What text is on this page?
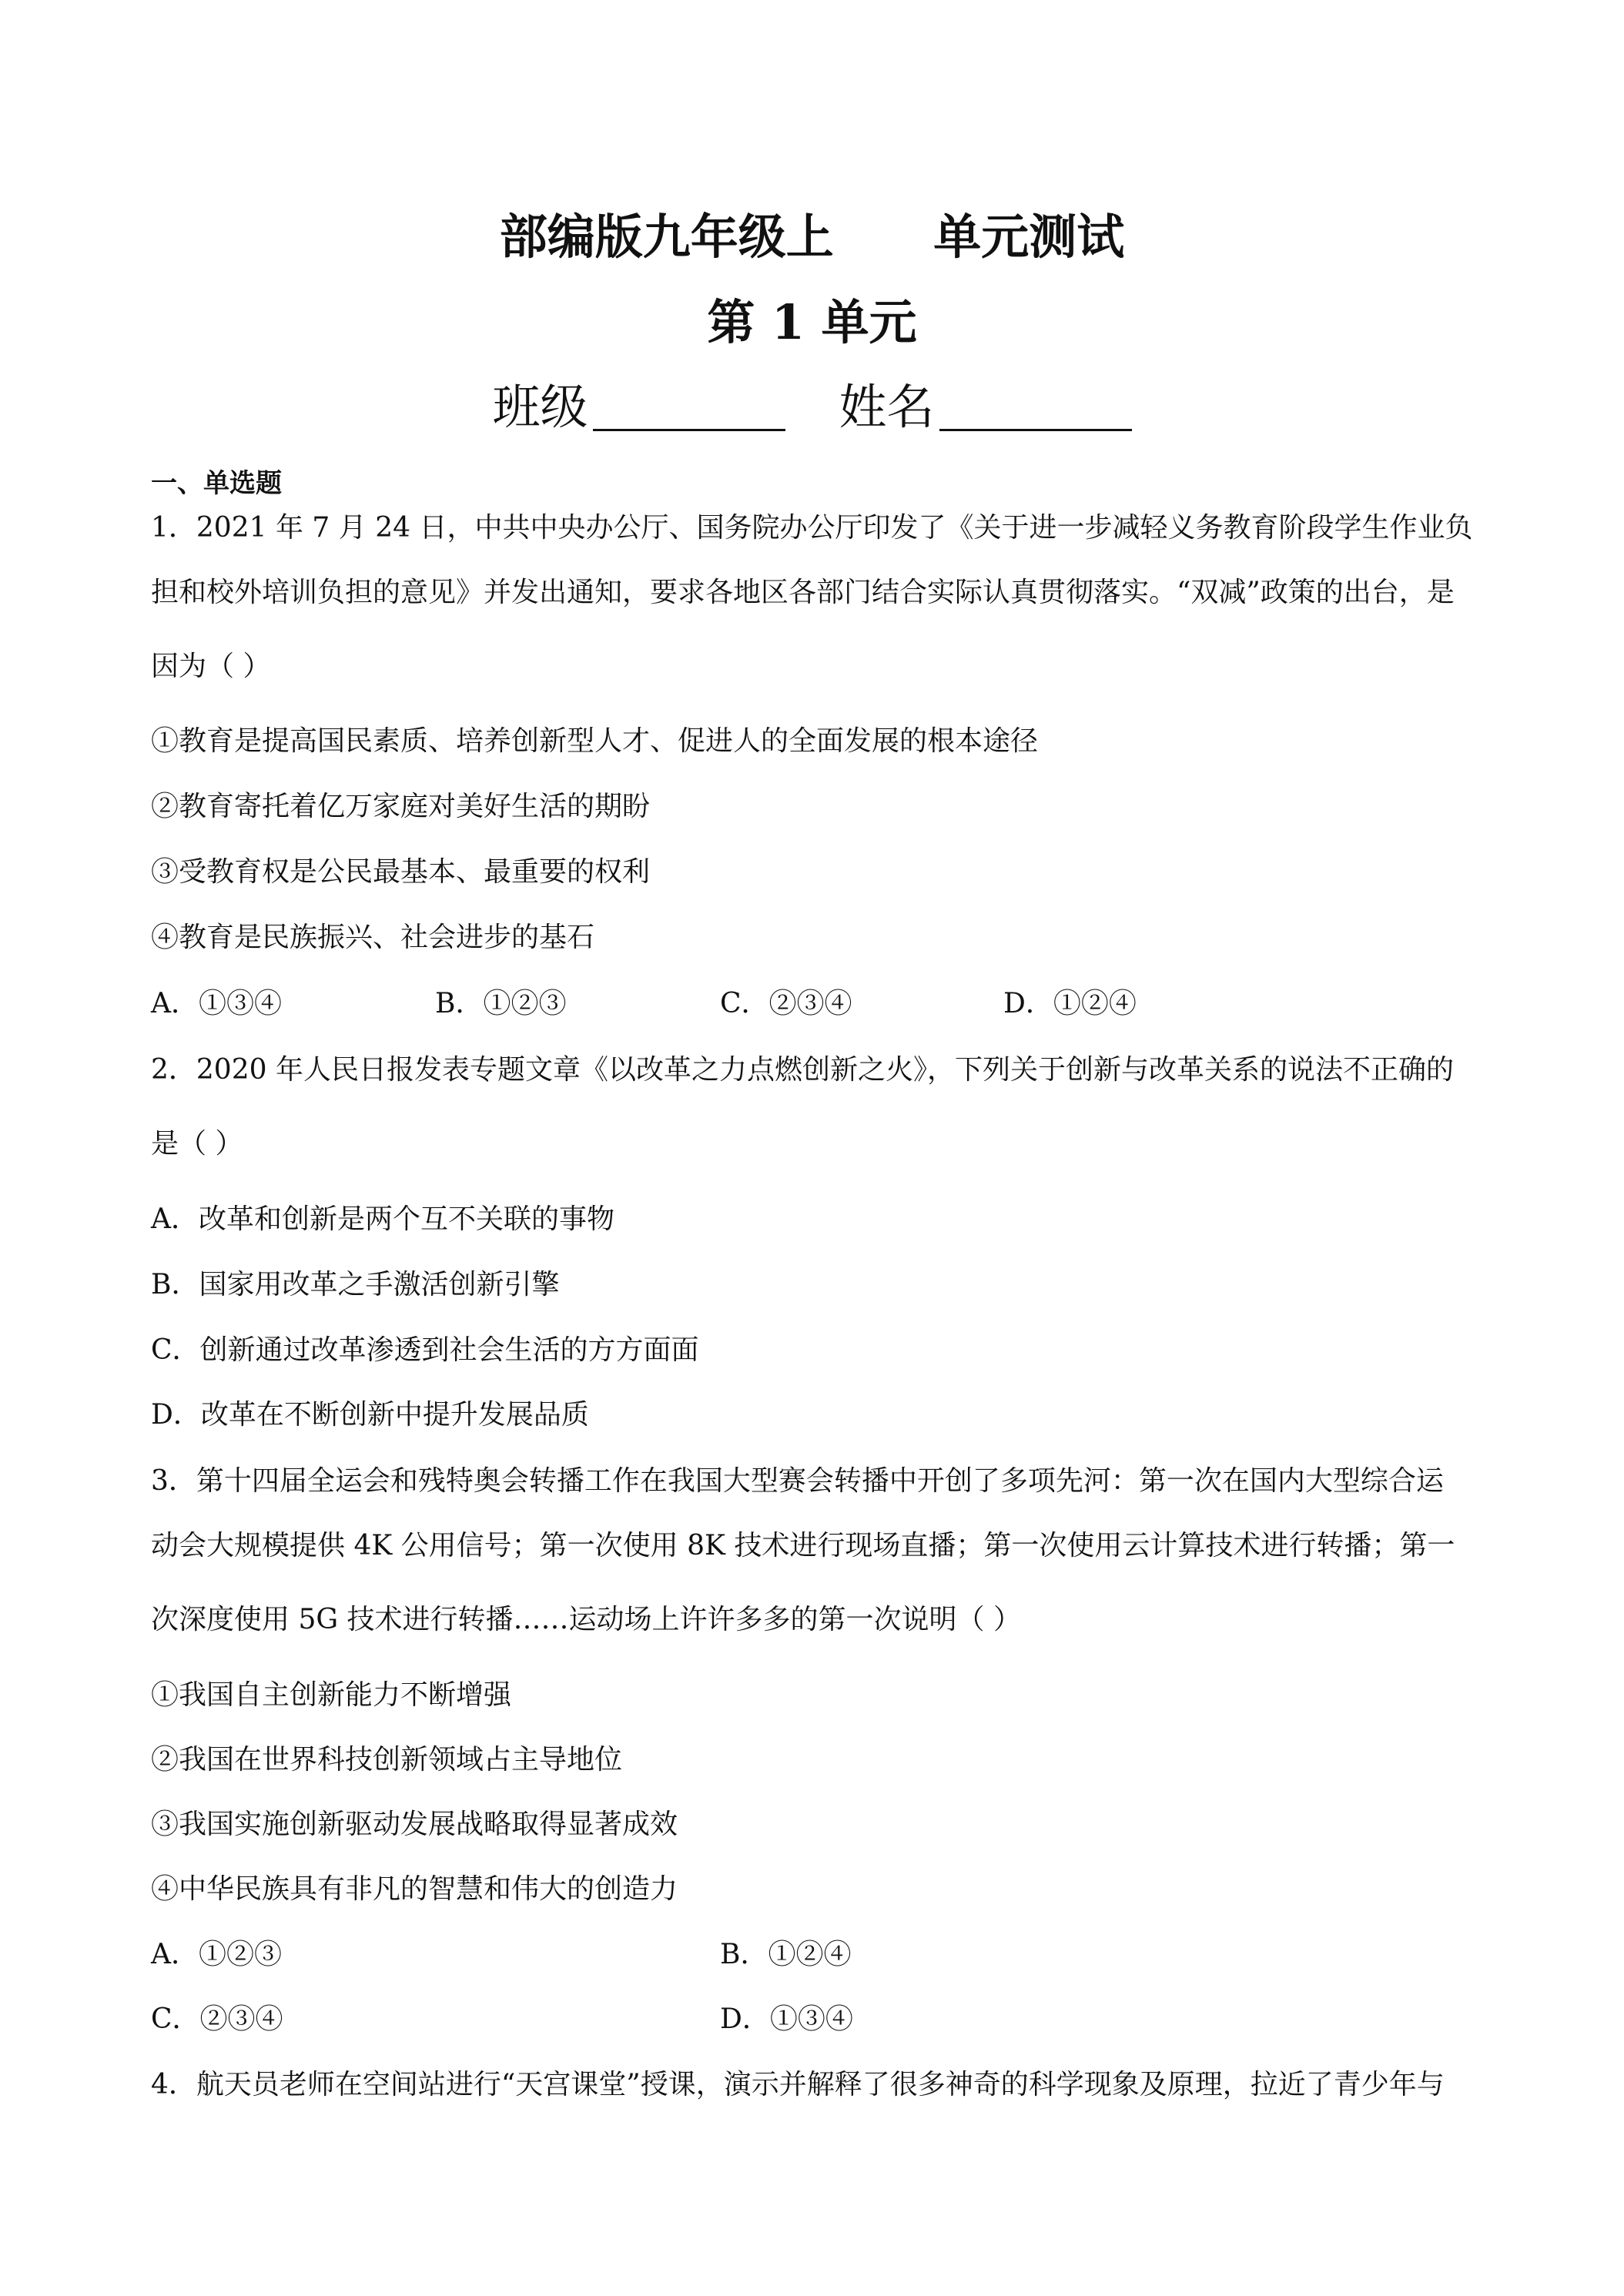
部编版九年级上      单元测试
第 1 单元
班级	姓名
一、单选题
1．2021 年 7 月 24 日，中共中央办公厅、国务院办公厅印发了《关于进一步减轻义务教育阶段学生作业负
担和校外培训负担的意见》并发出通知，要求各地区各部门结合实际认真贯彻落实。“双减”政策的出台，是
因为（ ）
①教育是提高国民素质、培养创新型人才、促进人的全面发展的根本途径
②教育寄托着亿万家庭对美好生活的期盼
③受教育权是公民最基本、最重要的权利
④教育是民族振兴、社会进步的基石
A．①③④	B．①②③	C．②③④	D．①②④
2．2020 年人民日报发表专题文章《以改革之力点燃创新之火》，下列关于创新与改革关系的说法不正确的
是（ ）
A．改革和创新是两个互不关联的事物
B．国家用改革之手激活创新引擎
C．创新通过改革渗透到社会生活的方方面面
D．改革在不断创新中提升发展品质
3．第十四届全运会和残特奥会转播工作在我国大型赛会转播中开创了多项先河：第一次在国内大型综合运
动会大规模提供 4K 公用信号；第一次使用 8K 技术进行现场直播；第一次使用云计算技术进行转播；第一
次深度使用 5G 技术进行转播……运动场上许许多多的第一次说明（ ）
①我国自主创新能力不断增强
②我国在世界科技创新领域占主导地位
③我国实施创新驱动发展战略取得显著成效
④中华民族具有非凡的智慧和伟大的创造力
A．①②③	B．①②④
C．②③④	D．①③④
4．航天员老师在空间站进行“天宫课堂”授课，演示并解释了很多神奇的科学现象及原理，拉近了青少年与
